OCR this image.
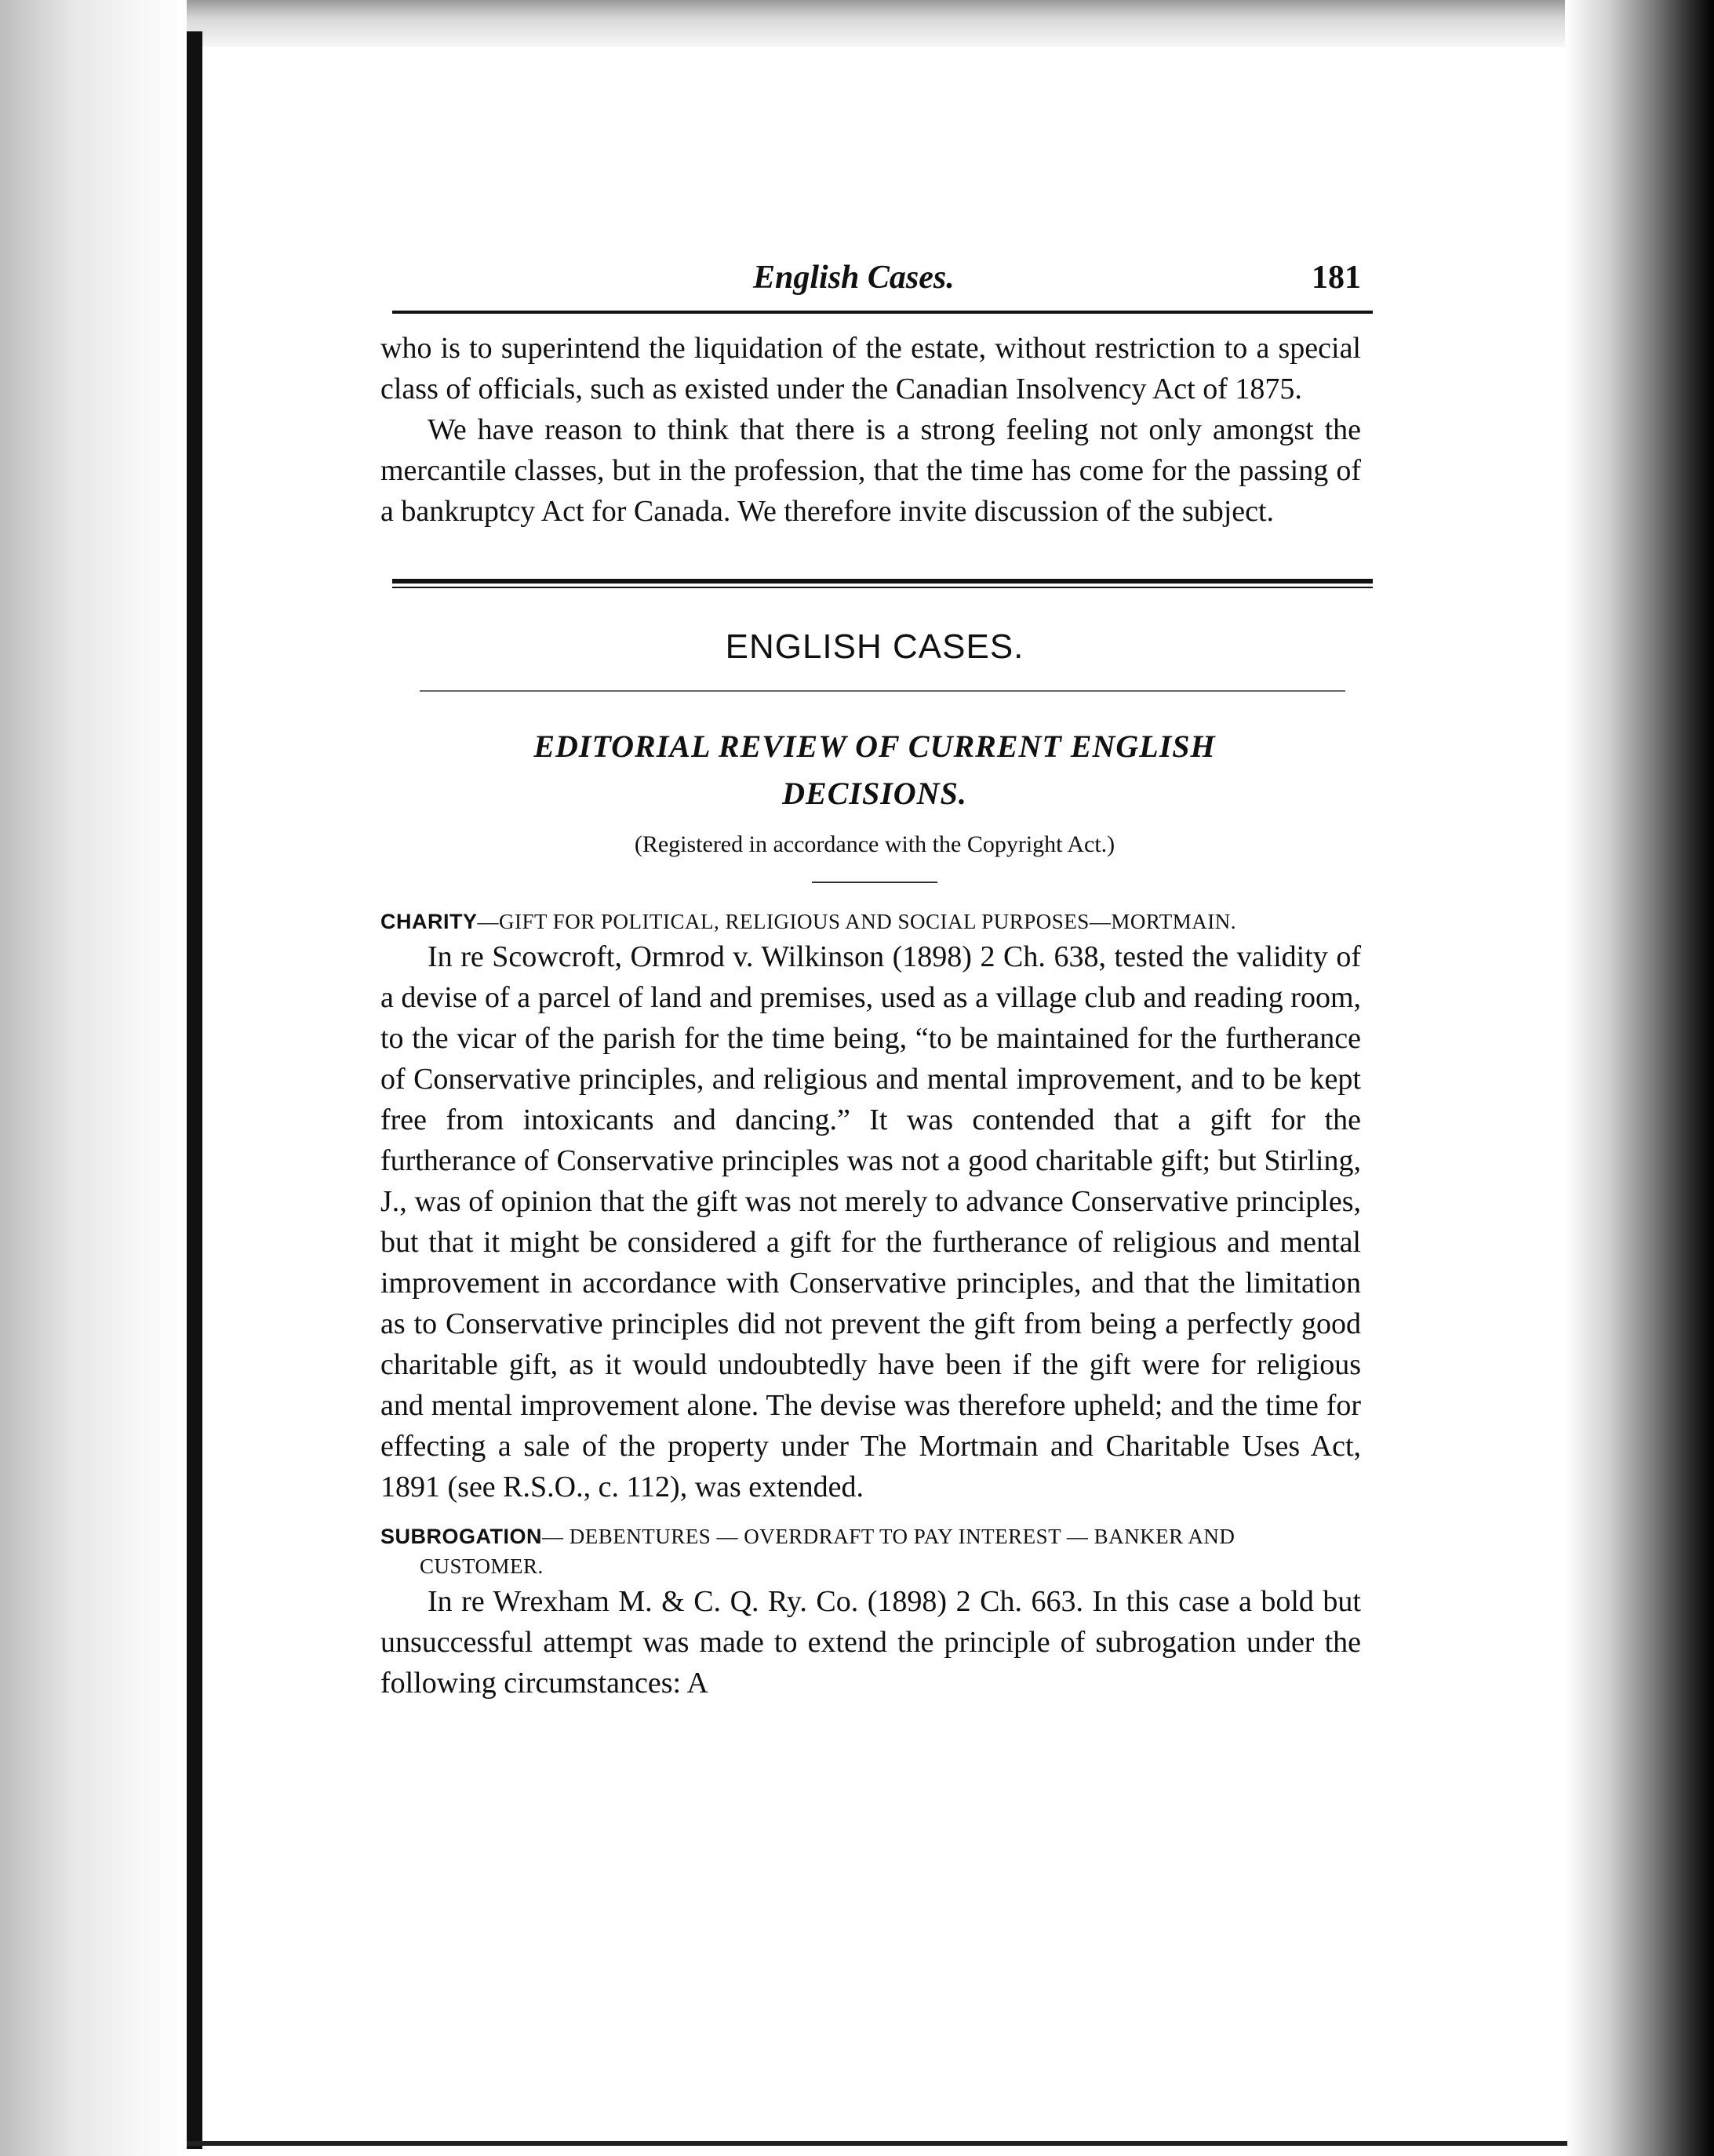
English Cases.	181

who is to superintend the liquidation of the estate, without restriction to a special class of officials, such as existed under the Canadian Insolvency Act of 1875.

We have reason to think that there is a strong feeling not only amongst the mercantile classes, but in the profession, that the time has come for the passing of a bankruptcy Act for Canada. We therefore invite discussion of the subject.

ENGLISH CASES.
EDITORIAL REVIEW OF CURRENT ENGLISH
DECISIONS.
(Registered in accordance with the Copyright Act.)
CHARITY—GIFT FOR POLITICAL, RELIGIOUS AND SOCIAL PURPOSES—MORTMAIN.

In re Scowcroft, Ormrod v. Wilkinson (1898) 2 Ch. 638, tested the validity of a devise of a parcel of land and premises, used as a village club and reading room, to the vicar of the parish for the time being, “to be maintained for the furtherance of Conservative principles, and religious and mental improvement, and to be kept free from intoxicants and dancing.” It was contended that a gift for the furtherance of Conservative principles was not a good charitable gift; but Stirling, J., was of opinion that the gift was not merely to advance Conservative principles, but that it might be considered a gift for the furtherance of religious and mental improvement in accordance with Conservative principles, and that the limitation as to Conservative principles did not prevent the gift from being a perfectly good charitable gift, as it would undoubtedly have been if the gift were for religious and mental improvement alone. The devise was therefore upheld; and the time for effecting a sale of the property under The Mortmain and Charitable Uses Act, 1891 (see R.S.O., c. 112), was extended.

SUBROGATION— DEBENTURES — OVERDRAFT TO PAY INTEREST — BANKER AND
CUSTOMER.

In re Wrexham M. & C. Q. Ry. Co. (1898) 2 Ch. 663. In this case a bold but unsuccessful attempt was made to extend the principle of subrogation under the following circumstances: A
